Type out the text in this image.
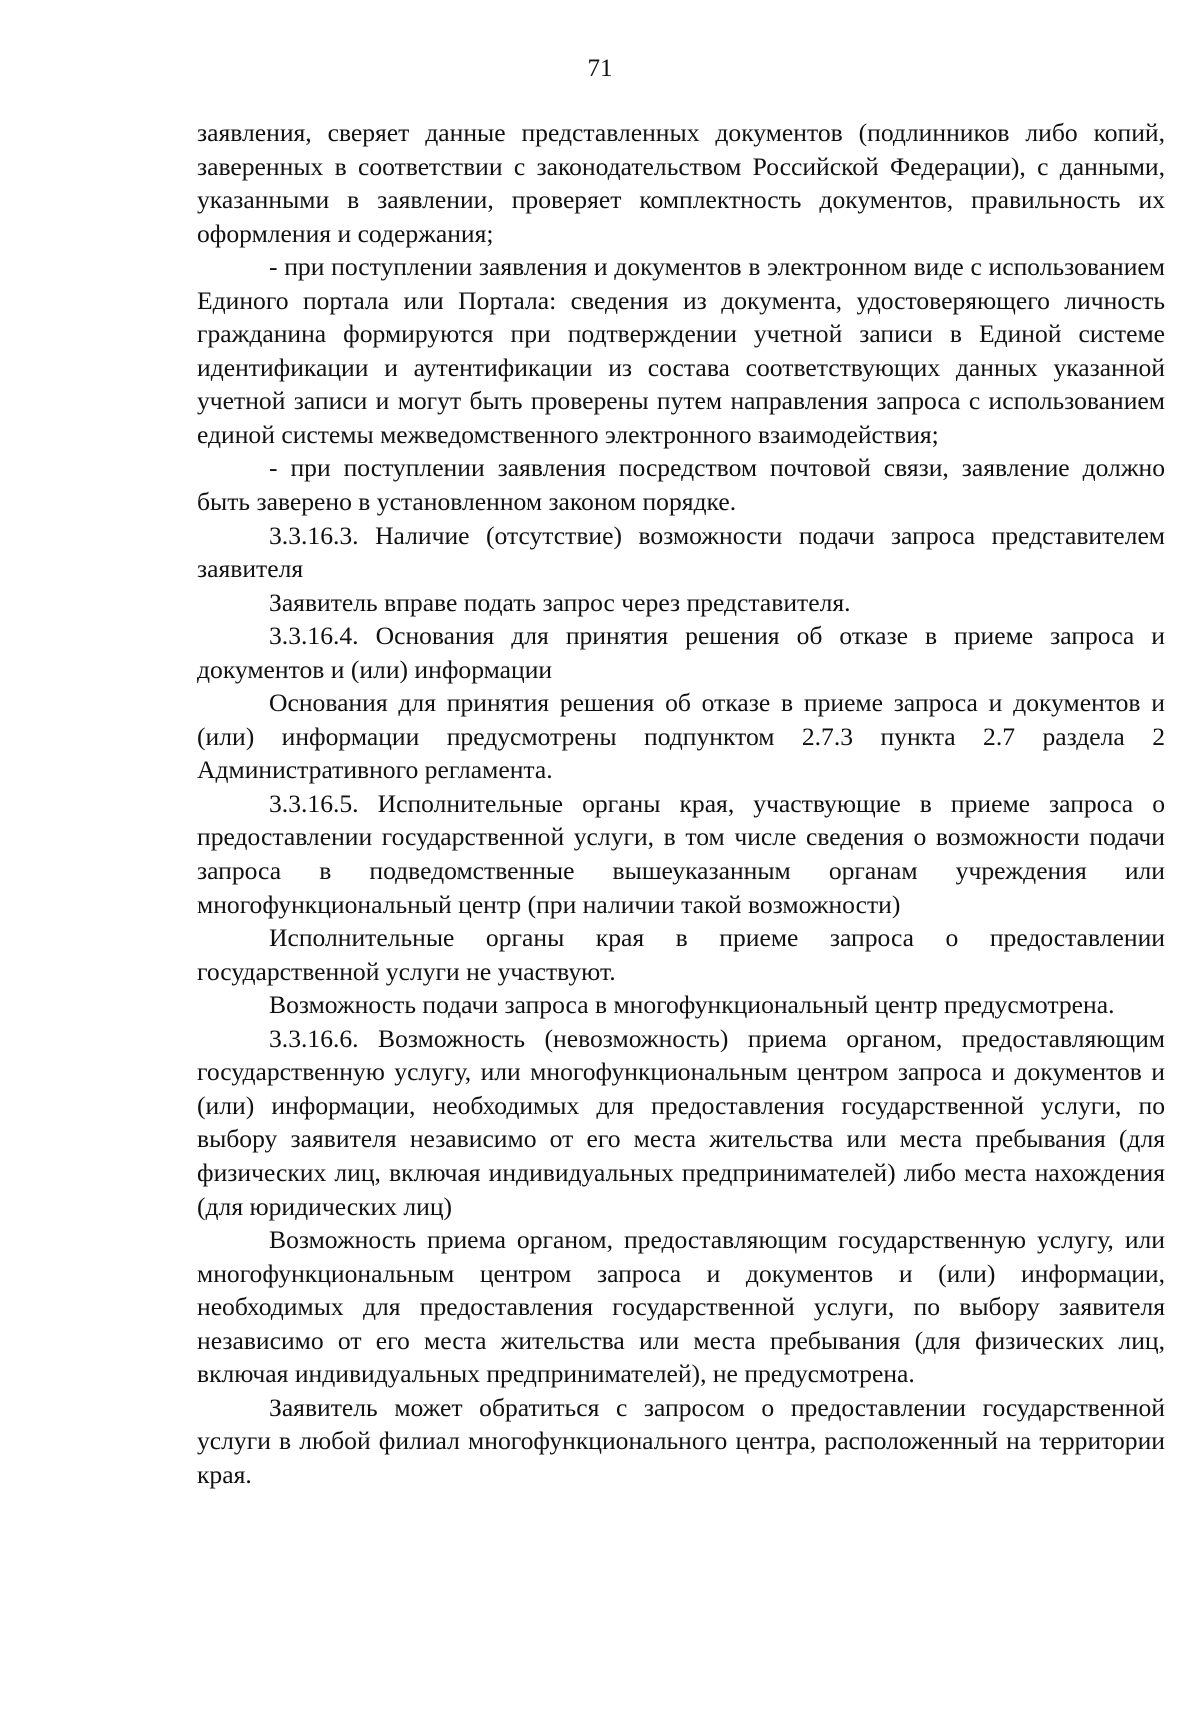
71

заявления, сверяет данные представленных документов (подлинников либо копий, заверенных в соответствии с законодательством Российской Федерации), с данными, указанными в заявлении, проверяет комплектность документов, правильность их оформления и содержания;

- при поступлении заявления и документов в электронном виде с использованием Единого портала или Портала: сведения из документа, удостоверяющего личность гражданина формируются при подтверждении учетной записи в Единой системе идентификации и аутентификации из состава соответствующих данных указанной учетной записи и могут быть проверены путем направления запроса с использованием единой системы межведомственного электронного взаимодействия;

- при поступлении заявления посредством почтовой связи, заявление должно быть заверено в установленном законом порядке.

3.3.16.3. Наличие (отсутствие) возможности подачи запроса представителем заявителя

Заявитель вправе подать запрос через представителя.

3.3.16.4. Основания для принятия решения об отказе в приеме запроса и документов и (или) информации

Основания для принятия решения об отказе в приеме запроса и документов и (или) информации предусмотрены подпунктом 2.7.3 пункта 2.7 раздела 2 Административного регламента.

3.3.16.5. Исполнительные органы края, участвующие в приеме запроса о предоставлении государственной услуги, в том числе сведения о возможности подачи запроса в подведомственные вышеуказанным органам учреждения или многофункциональный центр (при наличии такой возможности)

Исполнительные органы края в приеме запроса о предоставлении государственной услуги не участвуют.

Возможность подачи запроса в многофункциональный центр предусмотрена.

3.3.16.6. Возможность (невозможность) приема органом, предоставляющим государственную услугу, или многофункциональным центром запроса и документов и (или) информации, необходимых для предоставления государственной услуги, по выбору заявителя независимо от его места жительства или места пребывания (для физических лиц, включая индивидуальных предпринимателей) либо места нахождения (для юридических лиц)

Возможность приема органом, предоставляющим государственную услугу, или многофункциональным центром запроса и документов и (или) информации, необходимых для предоставления государственной услуги, по выбору заявителя независимо от его места жительства или места пребывания (для физических лиц, включая индивидуальных предпринимателей), не предусмотрена.

Заявитель может обратиться с запросом о предоставлении государственной услуги в любой филиал многофункционального центра, расположенный на территории края.
